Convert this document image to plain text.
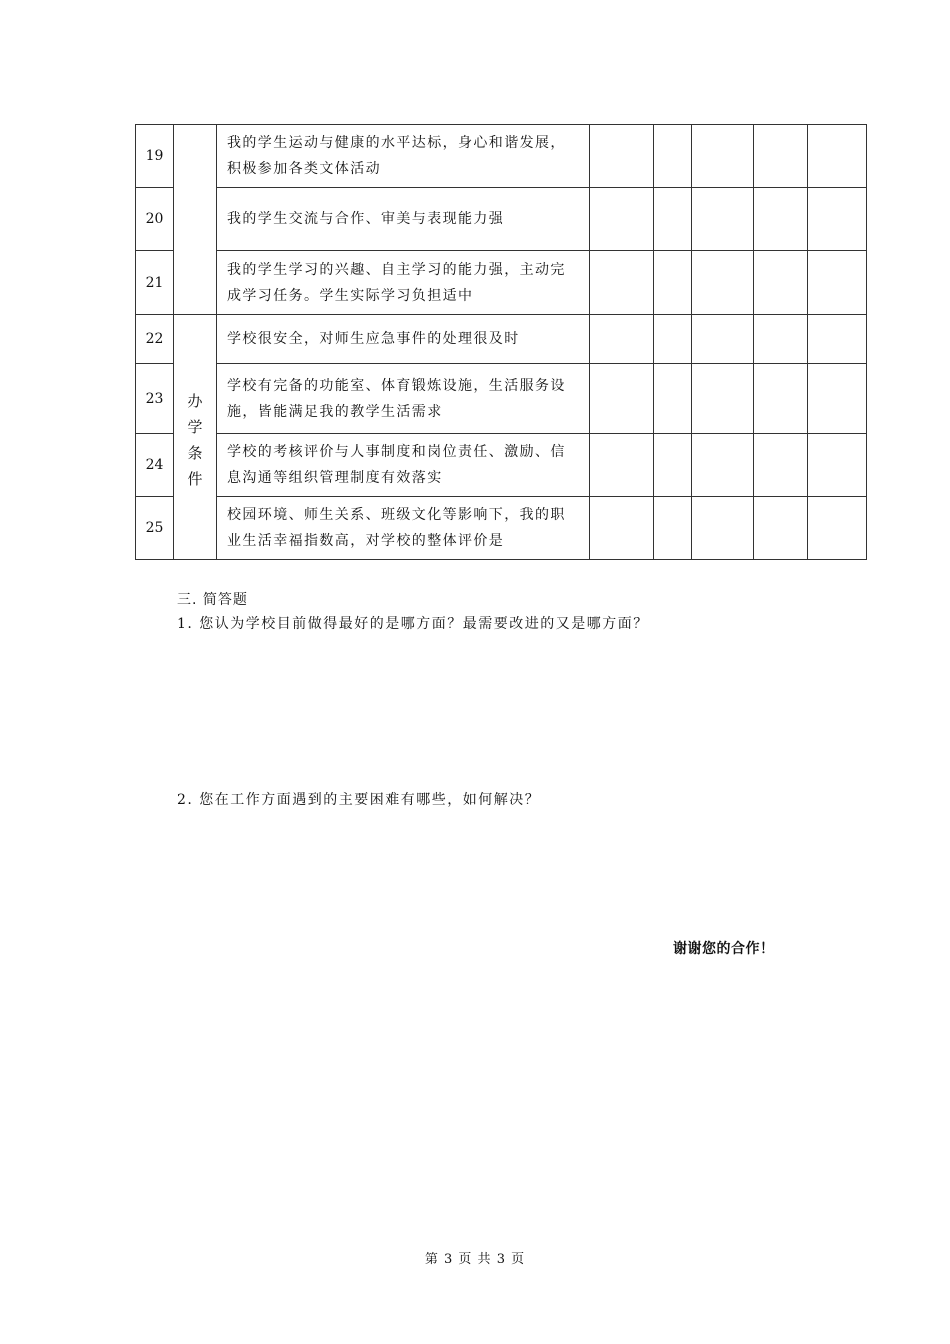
19		我的学生运动与健康的水平达标，身心和谐发展，积极参加各类文体活动					
20		我的学生交流与合作、审美与表现能力强					
21		我的学生学习的兴趣、自主学习的能力强，主动完成学习任务。学生实际学习负担适中					
22	办学条件	学校很安全，对师生应急事件的处理很及时					
23		学校有完备的功能室、体育锻炼设施，生活服务设施，皆能满足我的教学生活需求					
24		学校的考核评价与人事制度和岗位责任、激励、信息沟通等组织管理制度有效落实					
25		校园环境、师生关系、班级文化等影响下，我的职业生活幸福指数高，对学校的整体评价是					
三. 简答题
1. 您认为学校目前做得最好的是哪方面？最需要改进的又是哪方面？
2. 您在工作方面遇到的主要困难有哪些，如何解决？
谢谢您的合作！
第 3 页 共 3 页
